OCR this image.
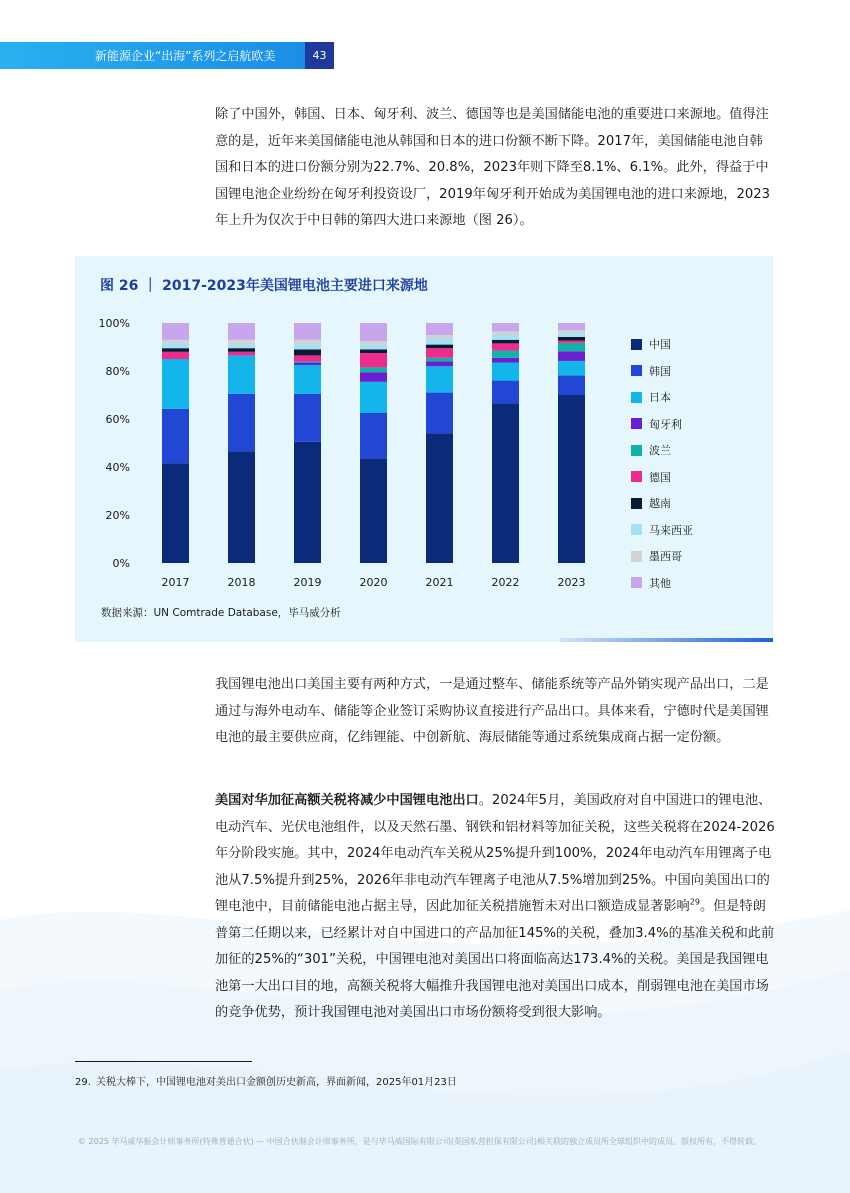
新能源企业“出海”系列之启航欧美	43

除了中国外，韩国、日本、匈牙利、波兰、德国等也是美国储能电池的重要进口来源地。值得注意的是，近年来美国储能电池从韩国和日本的进口份额不断下降。2017年，美国储能电池自韩国和日本的进口份额分别为22.7%、20.8%，2023年则下降至8.1%、6.1%。此外，得益于中国锂电池企业纷纷在匈牙利投资设厂，2019年匈牙利开始成为美国锂电池的进口来源地，2023年上升为仅次于中日韩的第四大进口来源地（图 26）。

图 26 ｜ 2017-2023年美国锂电池主要进口来源地
100%
80%
60%
40%
20%
0%
2017	2018	2019	2020	2021	2022	2023
中国
韩国
日本
匈牙利
波兰
德国
越南
马来西亚
墨西哥
其他
数据来源：UN Comtrade Database，毕马威分析

我国锂电池出口美国主要有两种方式，一是通过整车、储能系统等产品外销实现产品出口，二是通过与海外电动车、储能等企业签订采购协议直接进行产品出口。具体来看，宁德时代是美国锂电池的最主要供应商，亿纬锂能、中创新航、海辰储能等通过系统集成商占据一定份额。

美国对华加征高额关税将减少中国锂电池出口。2024年5月，美国政府对自中国进口的锂电池、电动汽车、光伏电池组件，以及天然石墨、钢铁和铝材料等加征关税，这些关税将在2024-2026年分阶段实施。其中，2024年电动汽车关税从25%提升到100%，2024年电动汽车用锂离子电池从7.5%提升到25%，2026年非电动汽车锂离子电池从7.5%增加到25%。中国向美国出口的锂电池中，目前储能电池占据主导，因此加征关税措施暂未对出口额造成显著影响$^{29}$。但是特朗普第二任期以来，已经累计对自中国进口的产品加征145%的关税，叠加3.4%的基准关税和此前加征的25%的“301”关税，中国锂电池对美国出口将面临高达173.4%的关税。美国是我国锂电池第一大出口目的地，高额关税将大幅推升我国锂电池对美国出口成本，削弱锂电池在美国市场的竞争优势，预计我国锂电池对美国出口市场份额将受到很大影响。

29. 关税大棒下，中国锂电池对美出口金额创历史新高，界面新闻，2025年01月23日
© 2025 毕马威华振会计师事务所(特殊普通合伙) — 中国合伙制会计师事务所，是与毕马威国际有限公司(英国私营担保有限公司)相关联的独立成员所全球组织中的成员。版权所有，不得转载。
